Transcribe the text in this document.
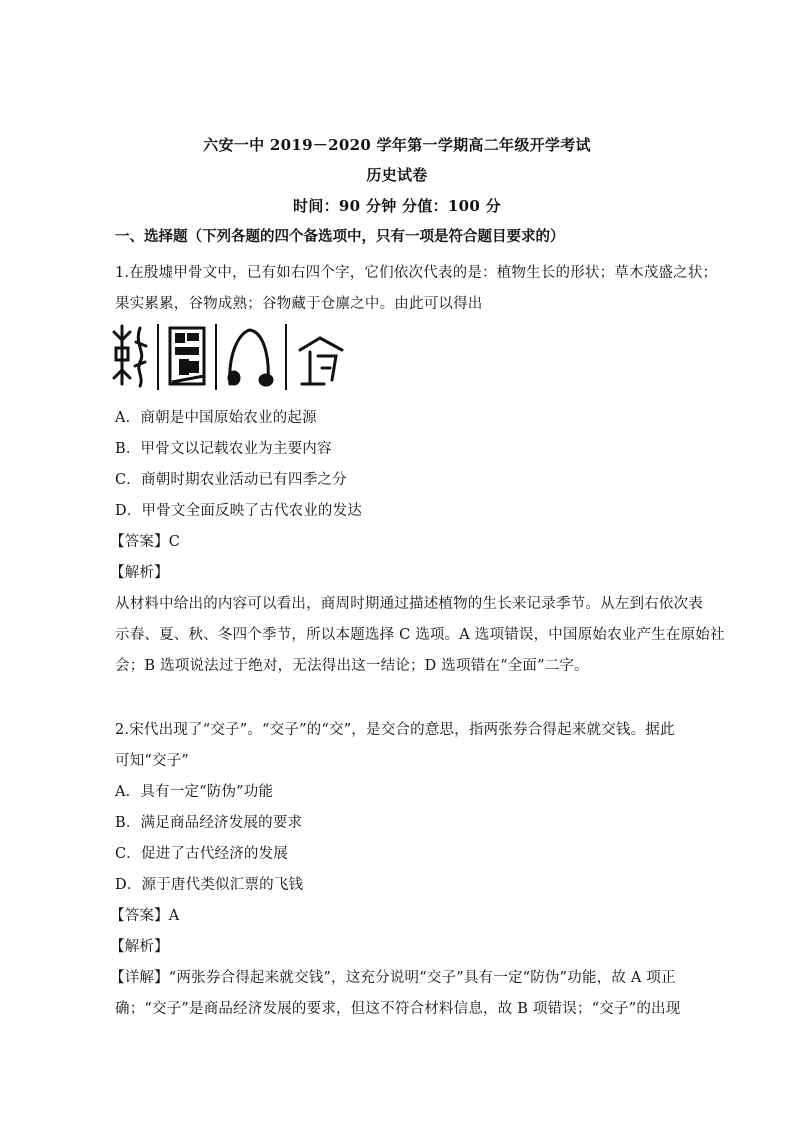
六安一中 2019－2020 学年第一学期高二年级开学考试
历史试卷
时间：90 分钟 分值：100 分
一、选择题（下列各题的四个备选项中，只有一项是符合题目要求的）
1.在殷墟甲骨文中，已有如右四个字，它们依次代表的是：植物生长的形状；草木茂盛之状；
果实累累，谷物成熟；谷物藏于仓廪之中。由此可以得出
A．商朝是中国原始农业的起源
B．甲骨文以记载农业为主要内容
C．商朝时期农业活动已有四季之分
D．甲骨文全面反映了古代农业的发达
【答案】C
【解析】
从材料中给出的内容可以看出，商周时期通过描述植物的生长来记录季节。从左到右依次表
示春、夏、秋、冬四个季节，所以本题选择 C 选项。A 选项错误，中国原始农业产生在原始社
会；B 选项说法过于绝对，无法得出这一结论；D 选项错在“全面”二字。
2.宋代出现了“交子”。“交子”的“交”，是交合的意思，指两张券合得起来就交钱。据此
可知“交子”
A．具有一定“防伪”功能
B．满足商品经济发展的要求
C．促进了古代经济的发展
D．源于唐代类似汇票的飞钱
【答案】A
【解析】
【详解】“两张券合得起来就交钱”，这充分说明“交子”具有一定“防伪”功能，故 A 项正
确；“交子”是商品经济发展的要求，但这不符合材料信息，故 B 项错误；“交子”的出现
